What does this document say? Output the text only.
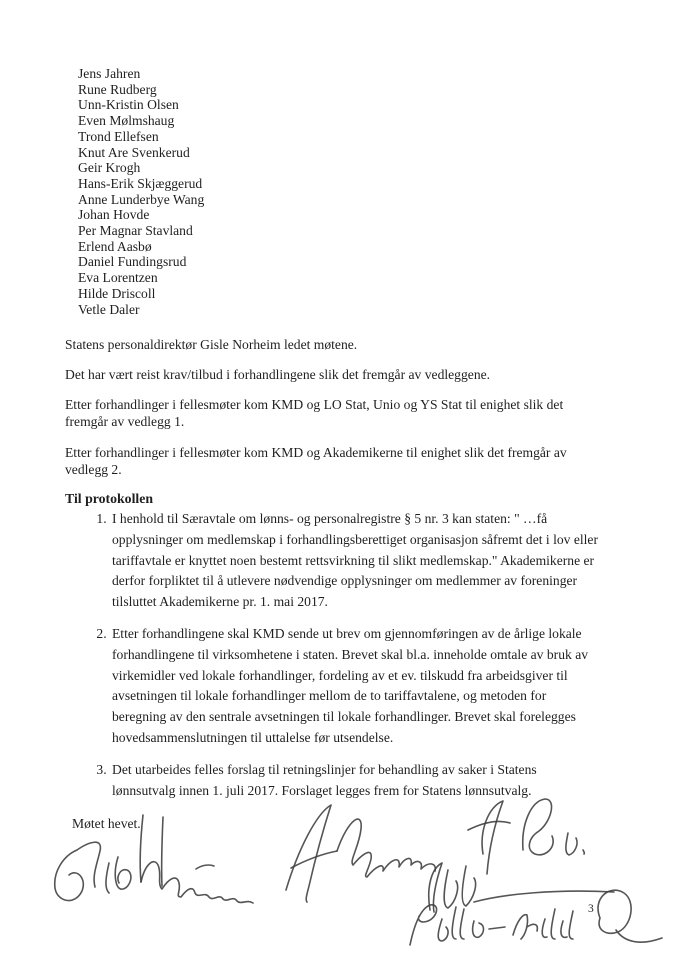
Jens Jahren
Rune Rudberg
Unn-Kristin Olsen
Even Mølmshaug
Trond Ellefsen
Knut Are Svenkerud
Geir Krogh
Hans-Erik Skjæggerud
Anne Lunderbye Wang
Johan Hovde
Per Magnar Stavland
Erlend Aasbø
Daniel Fundingsrud
Eva Lorentzen
Hilde Driscoll
Vetle Daler

Statens personaldirektør Gisle Norheim ledet møtene.

Det har vært reist krav/tilbud i forhandlingene slik det fremgår av vedleggene.

Etter forhandlinger i fellesmøter kom KMD og LO Stat, Unio og YS Stat til enighet slik det fremgår av vedlegg 1.

Etter forhandlinger i fellesmøter kom KMD og Akademikerne til enighet slik det fremgår av vedlegg 2.

Til protokollen
1. I henhold til Særavtale om lønns- og personalregistre § 5 nr. 3 kan staten: " …få opplysninger om medlemskap i forhandlingsberettiget organisasjon såfremt det i lov eller tariffavtale er knyttet noen bestemt rettsvirkning til slikt medlemskap." Akademikerne er derfor forpliktet til å utlevere nødvendige opplysninger om medlemmer av foreninger tilsluttet Akademikerne pr. 1. mai 2017.
2. Etter forhandlingene skal KMD sende ut brev om gjennomføringen av de årlige lokale forhandlingene til virksomhetene i staten. Brevet skal bl.a. inneholde omtale av bruk av virkemidler ved lokale forhandlinger, fordeling av et ev. tilskudd fra arbeidsgiver til avsetningen til lokale forhandlinger mellom de to tariffavtalene, og metoden for beregning av den sentrale avsetningen til lokale forhandlinger. Brevet skal forelegges hovedsammenslutningen til uttalelse før utsendelse.
3. Det utarbeides felles forslag til retningslinjer for behandling av saker i Statens lønnsutvalg innen 1. juli 2017. Forslaget legges frem for Statens lønnsutvalg.

Møtet hevet.

3
